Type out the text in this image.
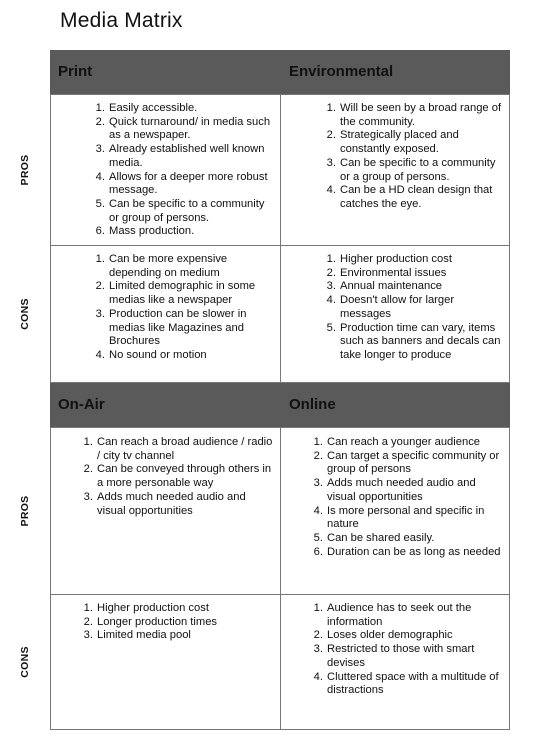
Media Matrix
Print	Environmental
PROS
1. Easily accessible.
2. Quick turnaround/ in media such as a newspaper.
3. Already established well known media.
4. Allows for a deeper more robust message.
5. Can be specific to a community or group of persons.
6. Mass production.
1. Will be seen by a broad range of the community.
2. Strategically placed and constantly exposed.
3. Can be specific to a community or a group of persons.
4. Can be a HD clean design that catches the eye.
CONS
1. Can be more expensive depending on medium
2. Limited demographic in some medias like a newspaper
3. Production can be slower in medias like Magazines and Brochures
4. No sound or motion
1. Higher production cost
2. Environmental issues
3. Annual maintenance
4. Doesn't allow for larger messages
5. Production time can vary, items such as banners and decals can take longer to produce
On-Air	Online
PROS
1. Can reach a broad audience / radio / city tv channel
2. Can be conveyed through others in a more personable way
3. Adds much needed audio and visual opportunities
1. Can reach a younger audience
2. Can target a specific community or group of persons
3. Adds much needed audio and visual opportunities
4. Is more personal and specific in nature
5. Can be shared easily.
6. Duration can be as long as needed
CONS
1. Higher production cost
2. Longer production times
3. Limited media pool
1. Audience has to seek out the information
2. Loses older demographic
3. Restricted to those with smart devises
4. Cluttered space with a multitude of distractions
